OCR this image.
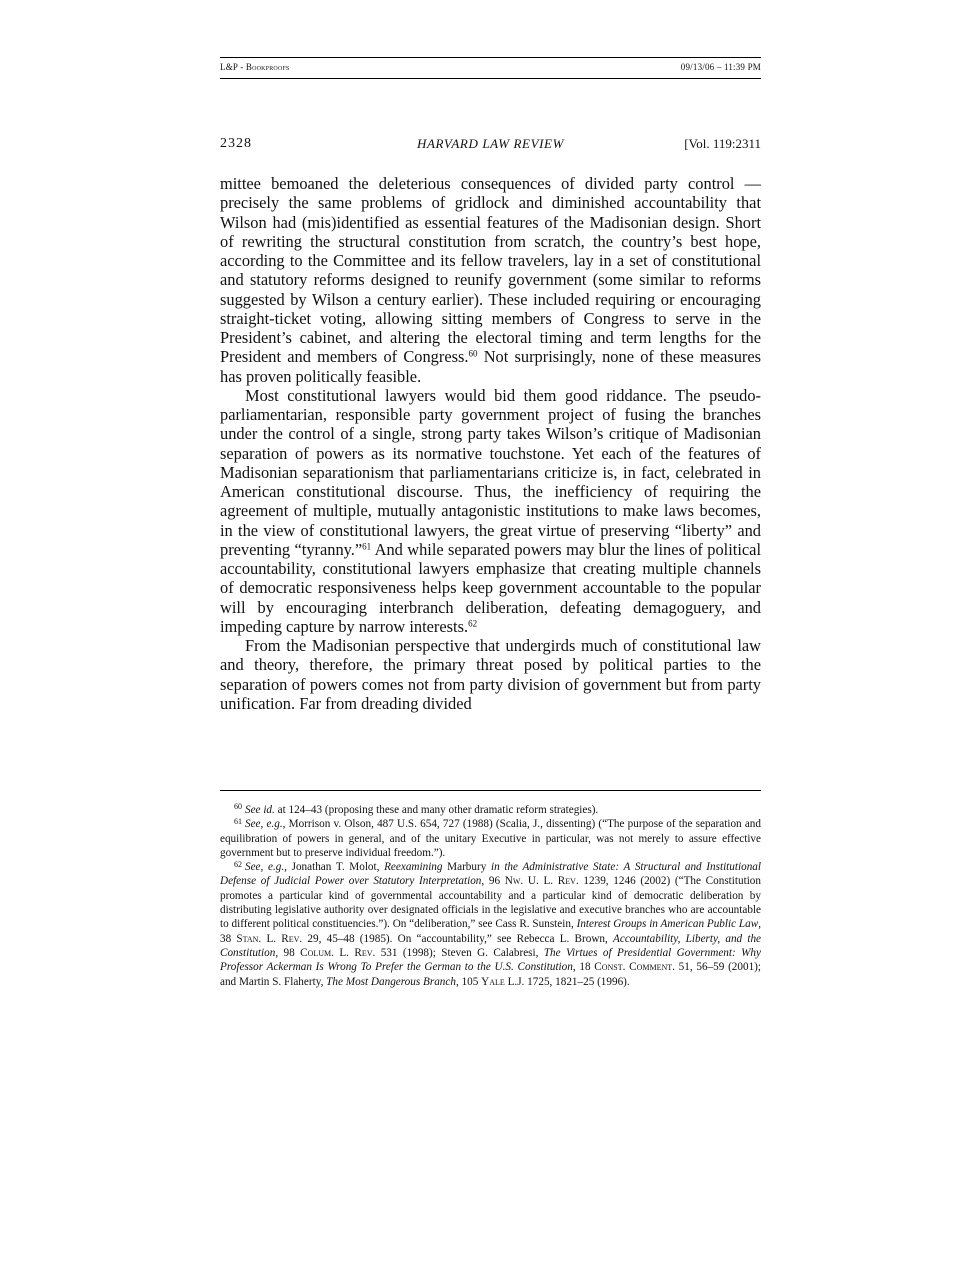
L&P - Bookproofs	09/13/06 – 11:39 PM
2328	HARVARD LAW REVIEW	[Vol. 119:2311

mittee bemoaned the deleterious consequences of divided party control — precisely the same problems of gridlock and diminished accountability that Wilson had (mis)identified as essential features of the Madisonian design. Short of rewriting the structural constitution from scratch, the country’s best hope, according to the Committee and its fellow travelers, lay in a set of constitutional and statutory reforms designed to reunify government (some similar to reforms suggested by Wilson a century earlier). These included requiring or encouraging straight-ticket voting, allowing sitting members of Congress to serve in the President’s cabinet, and altering the electoral timing and term lengths for the President and members of Congress.$^{60}$ Not surprisingly, none of these measures has proven politically feasible.

Most constitutional lawyers would bid them good riddance. The pseudo-parliamentarian, responsible party government project of fusing the branches under the control of a single, strong party takes Wilson’s critique of Madisonian separation of powers as its normative touchstone. Yet each of the features of Madisonian separationism that parliamentarians criticize is, in fact, celebrated in American constitutional discourse. Thus, the inefficiency of requiring the agreement of multiple, mutually antagonistic institutions to make laws becomes, in the view of constitutional lawyers, the great virtue of preserving “liberty” and preventing “tyranny.”$^{61}$ And while separated powers may blur the lines of political accountability, constitutional lawyers emphasize that creating multiple channels of democratic responsiveness helps keep government accountable to the popular will by encouraging interbranch deliberation, defeating demagoguery, and impeding capture by narrow interests.$^{62}$

From the Madisonian perspective that undergirds much of constitutional law and theory, therefore, the primary threat posed by political parties to the separation of powers comes not from party division of government but from party unification. Far from dreading divided

$^{60}$ See id. at 124–43 (proposing these and many other dramatic reform strategies).

$^{61}$ See, e.g., Morrison v. Olson, 487 U.S. 654, 727 (1988) (Scalia, J., dissenting) (“The purpose of the separation and equilibration of powers in general, and of the unitary Executive in particular, was not merely to assure effective government but to preserve individual freedom.”).

$^{62}$ See, e.g., Jonathan T. Molot, Reexamining Marbury in the Administrative State: A Structural and Institutional Defense of Judicial Power over Statutory Interpretation, 96 Nw. U. L. Rev. 1239, 1246 (2002) (“The Constitution promotes a particular kind of governmental accountability and a particular kind of democratic deliberation by distributing legislative authority over designated officials in the legislative and executive branches who are accountable to different political constituencies.”). On “deliberation,” see Cass R. Sunstein, Interest Groups in American Public Law, 38 Stan. L. Rev. 29, 45–48 (1985). On “accountability,” see Rebecca L. Brown, Accountability, Liberty, and the Constitution, 98 Colum. L. Rev. 531 (1998); Steven G. Calabresi, The Virtues of Presidential Government: Why Professor Ackerman Is Wrong To Prefer the German to the U.S. Constitution, 18 Const. Comment. 51, 56–59 (2001); and Martin S. Flaherty, The Most Dangerous Branch, 105 Yale L.J. 1725, 1821–25 (1996).
